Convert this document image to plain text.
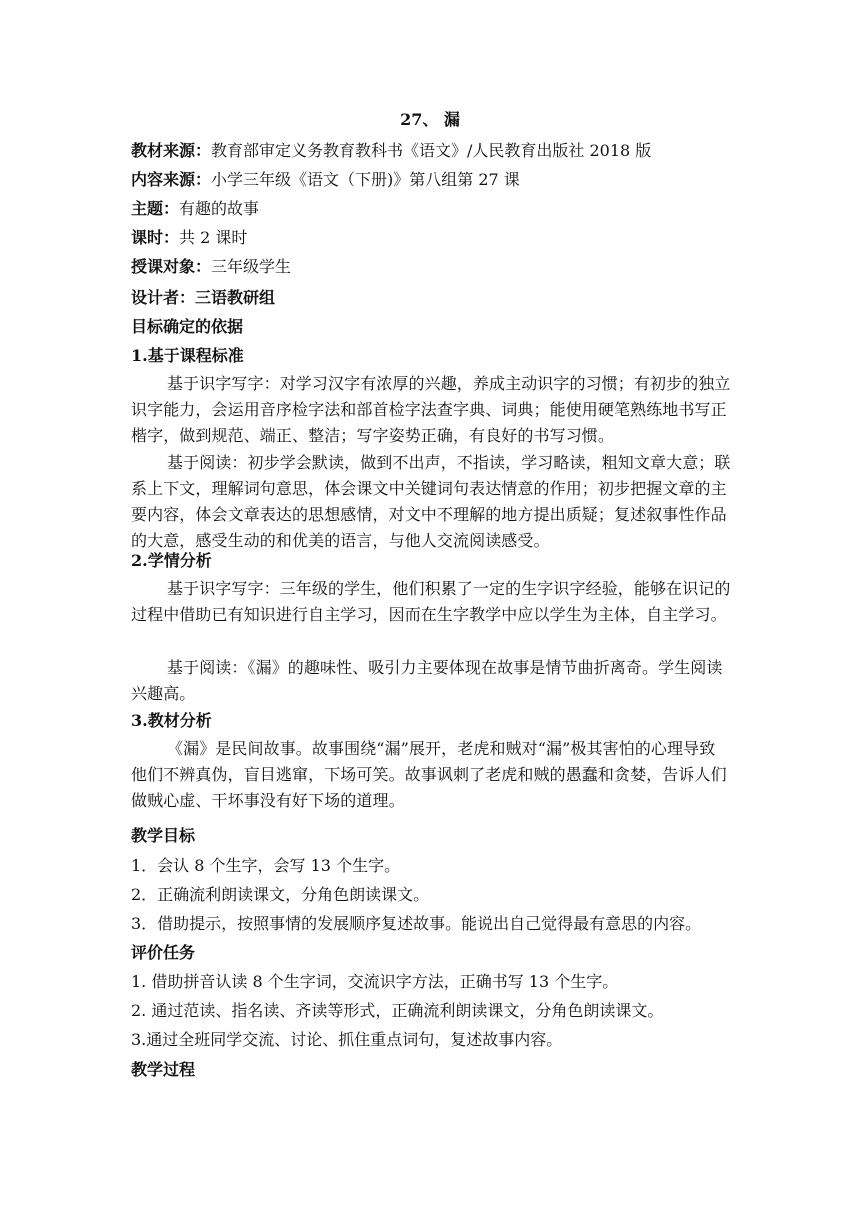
27、 漏
教材来源：教育部审定义务教育教科书《语文》/人民教育出版社 2018 版
内容来源：小学三年级《语文（下册)》第八组第 27 课
主题：有趣的故事
课时：共 2 课时
授课对象：三年级学生
设计者：三语教研组
目标确定的依据
1.基于课程标准
基于识字写字：对学习汉字有浓厚的兴趣，养成主动识字的习惯；有初步的独立识字能力，会运用音序检字法和部首检字法查字典、词典；能使用硬笔熟练地书写正楷字，做到规范、端正、整洁；写字姿势正确，有良好的书写习惯。
基于阅读：初步学会默读，做到不出声，不指读，学习略读，粗知文章大意；联系上下文，理解词句意思，体会课文中关键词句表达情意的作用；初步把握文章的主要内容，体会文章表达的思想感情，对文中不理解的地方提出质疑；复述叙事性作品的大意，感受生动的和优美的语言，与他人交流阅读感受。
2.学情分析
基于识字写字：三年级的学生，他们积累了一定的生字识字经验，能够在识记的过程中借助已有知识进行自主学习，因而在生字教学中应以学生为主体，自主学习。
基于阅读：《漏》的趣味性、吸引力主要体现在故事是情节曲折离奇。学生阅读兴趣高。
3.教材分析
《漏》是民间故事。故事围绕“漏”展开，老虎和贼对“漏”极其害怕的心理导致他们不辨真伪，盲目逃窜，下场可笑。故事讽刺了老虎和贼的愚蠢和贪婪，告诉人们做贼心虚、干坏事没有好下场的道理。
教学目标
1．会认 8 个生字，会写 13 个生字。
2．正确流利朗读课文，分角色朗读课文。
3．借助提示，按照事情的发展顺序复述故事。能说出自己觉得最有意思的内容。
评价任务
1. 借助拼音认读 8 个生字词，交流识字方法，正确书写 13 个生字。
2. 通过范读、指名读、齐读等形式，正确流利朗读课文，分角色朗读课文。
3.通过全班同学交流、讨论、抓住重点词句，复述故事内容。
教学过程
